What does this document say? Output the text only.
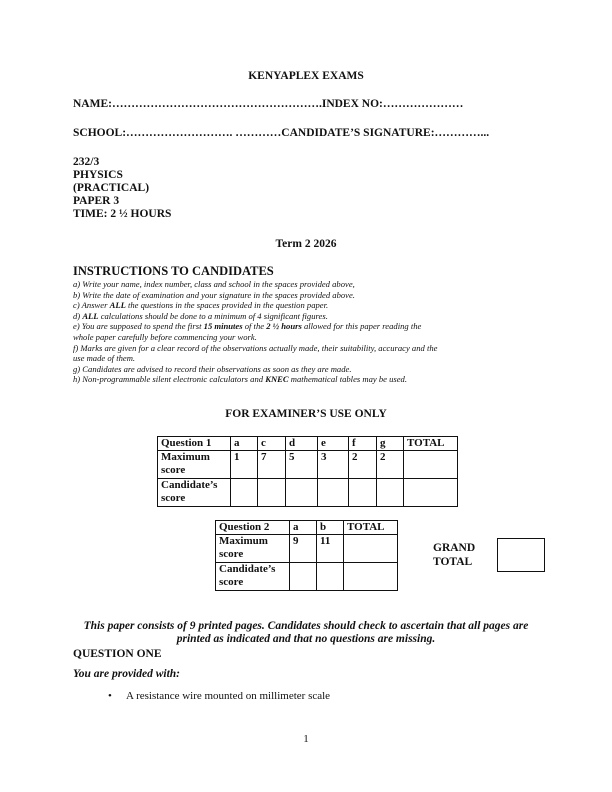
KENYAPLEX EXAMS
NAME:……………………………………………….INDEX NO:…………………
SCHOOL:………………………. …………CANDIDATE’S SIGNATURE:…………...
232/3
PHYSICS
(PRACTICAL)
PAPER 3
TIME: 2 ½ HOURS
Term 2 2026
INSTRUCTIONS TO CANDIDATES
a) Write your name, index number, class and school in the spaces provided above,
b) Write the date of examination and your signature in the spaces provided above.
c) Answer ALL the questions in the spaces provided in the question paper.
d) ALL calculations should be done to a minimum of 4 significant figures.
e) You are supposed to spend the first 15 minutes of the 2 ½ hours allowed for this paper reading the
whole paper carefully before commencing your work.
f) Marks are given for a clear record of the observations actually made, their suitability, accuracy and the
use made of them.
g) Candidates are advised to record their observations as soon as they are made.
h) Non-programmable silent electronic calculators and KNEC mathematical tables may be used.
FOR EXAMINER’S USE ONLY
Question 1	a	c	d	e	f	g	TOTAL
Maximum score	1	7	5	3	2	2	
Candidate’s score							
Question 2	a	b	TOTAL
Maximum score	9	11	
Candidate’s score			
GRAND
TOTAL
This paper consists of 9 printed pages. Candidates should check to ascertain that all pages are
printed as indicated and that no questions are missing.
QUESTION ONE
You are provided with:
• A resistance wire mounted on millimeter scale
1
